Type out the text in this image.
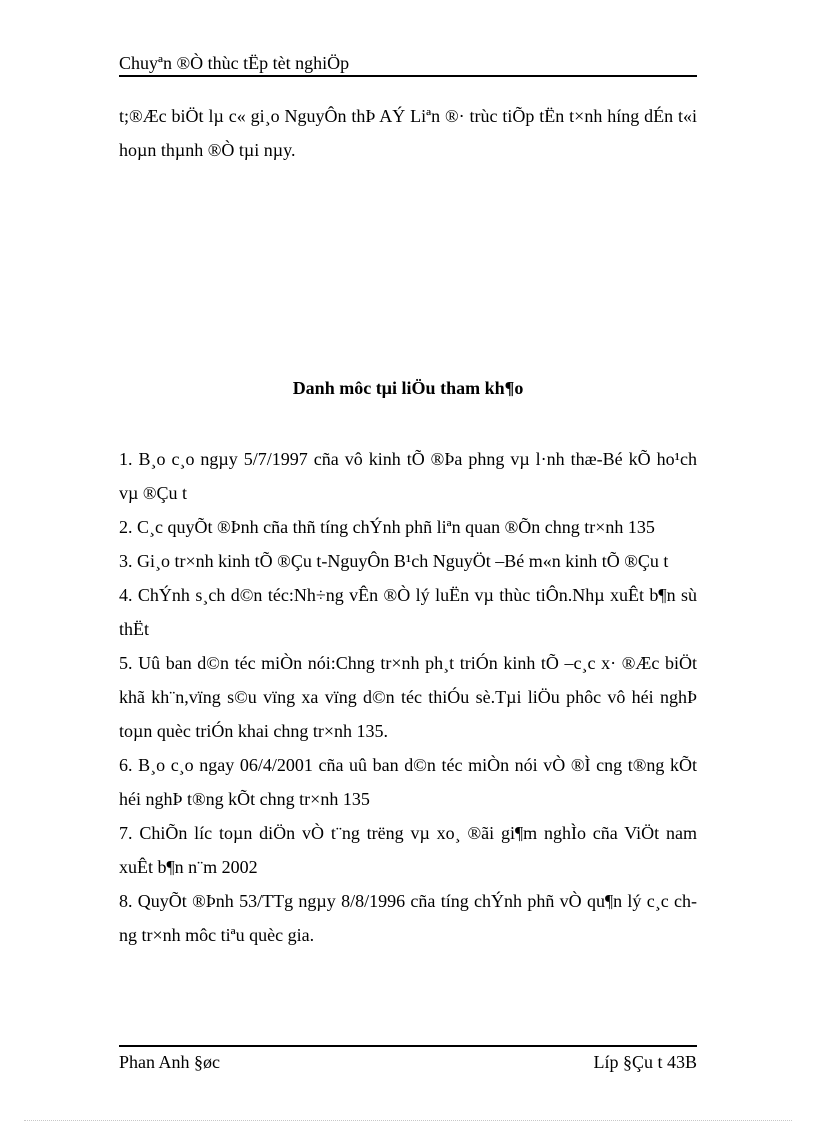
Chuyªn ®Ò thùc tËp tèt nghiÖp

t;®Æc biÖt lµ c« gi¸o NguyÔn thÞ AÝ Liªn ®· trùc tiÕp tËn t×nh híng dÉn t«i hoµn thµnh ®Ò tµi nµy.

Danh môc tµi liÖu tham kh¶o
1. B¸o c¸o ngµy 5/7/1997 cña vô kinh tÕ ®Þa phng vµ l·nh thæ-Bé kÕ ho¹ch vµ ®Çu t
2. C¸c quyÕt ®Þnh cña thñ tíng chÝnh phñ liªn quan ®Õn chng tr×nh 135
3. Gi¸o tr×nh kinh tÕ ®Çu t-NguyÔn B¹ch NguyÖt –Bé m«n kinh tÕ ®Çu t
4. ChÝnh s¸ch d©n téc:Nh÷ng vÊn ®Ò lý luËn vµ thùc tiÔn.Nhµ xuÊt b¶n sù thËt
5. Uû ban d©n téc miÒn nói:Chng tr×nh ph¸t triÓn kinh tÕ –c¸c x· ®Æc biÖt khã kh¨n,vïng s©u vïng xa vïng d©n téc thiÓu sè.Tµi liÖu phôc vô héi nghÞ toµn quèc triÓn khai chng tr×nh 135.
6. B¸o c¸o ngay 06/4/2001 cña uû ban d©n téc miÒn nói vÒ ®Ì cng t®ng kÕt héi nghÞ t®ng kÕt chng tr×nh 135
7. ChiÕn líc toµn diÖn vÒ t¨ng trëng vµ xo¸ ®ãi gi¶m nghÌo cña ViÖt nam xuÊt b¶n n¨m 2002
8. QuyÕt ®Þnh 53/TTg ngµy 8/8/1996 cña tíng chÝnh phñ vÒ qu¶n lý c¸c chng tr×nh môc tiªu quèc gia.
Phan Anh §øc	Líp §Çu t 43B
